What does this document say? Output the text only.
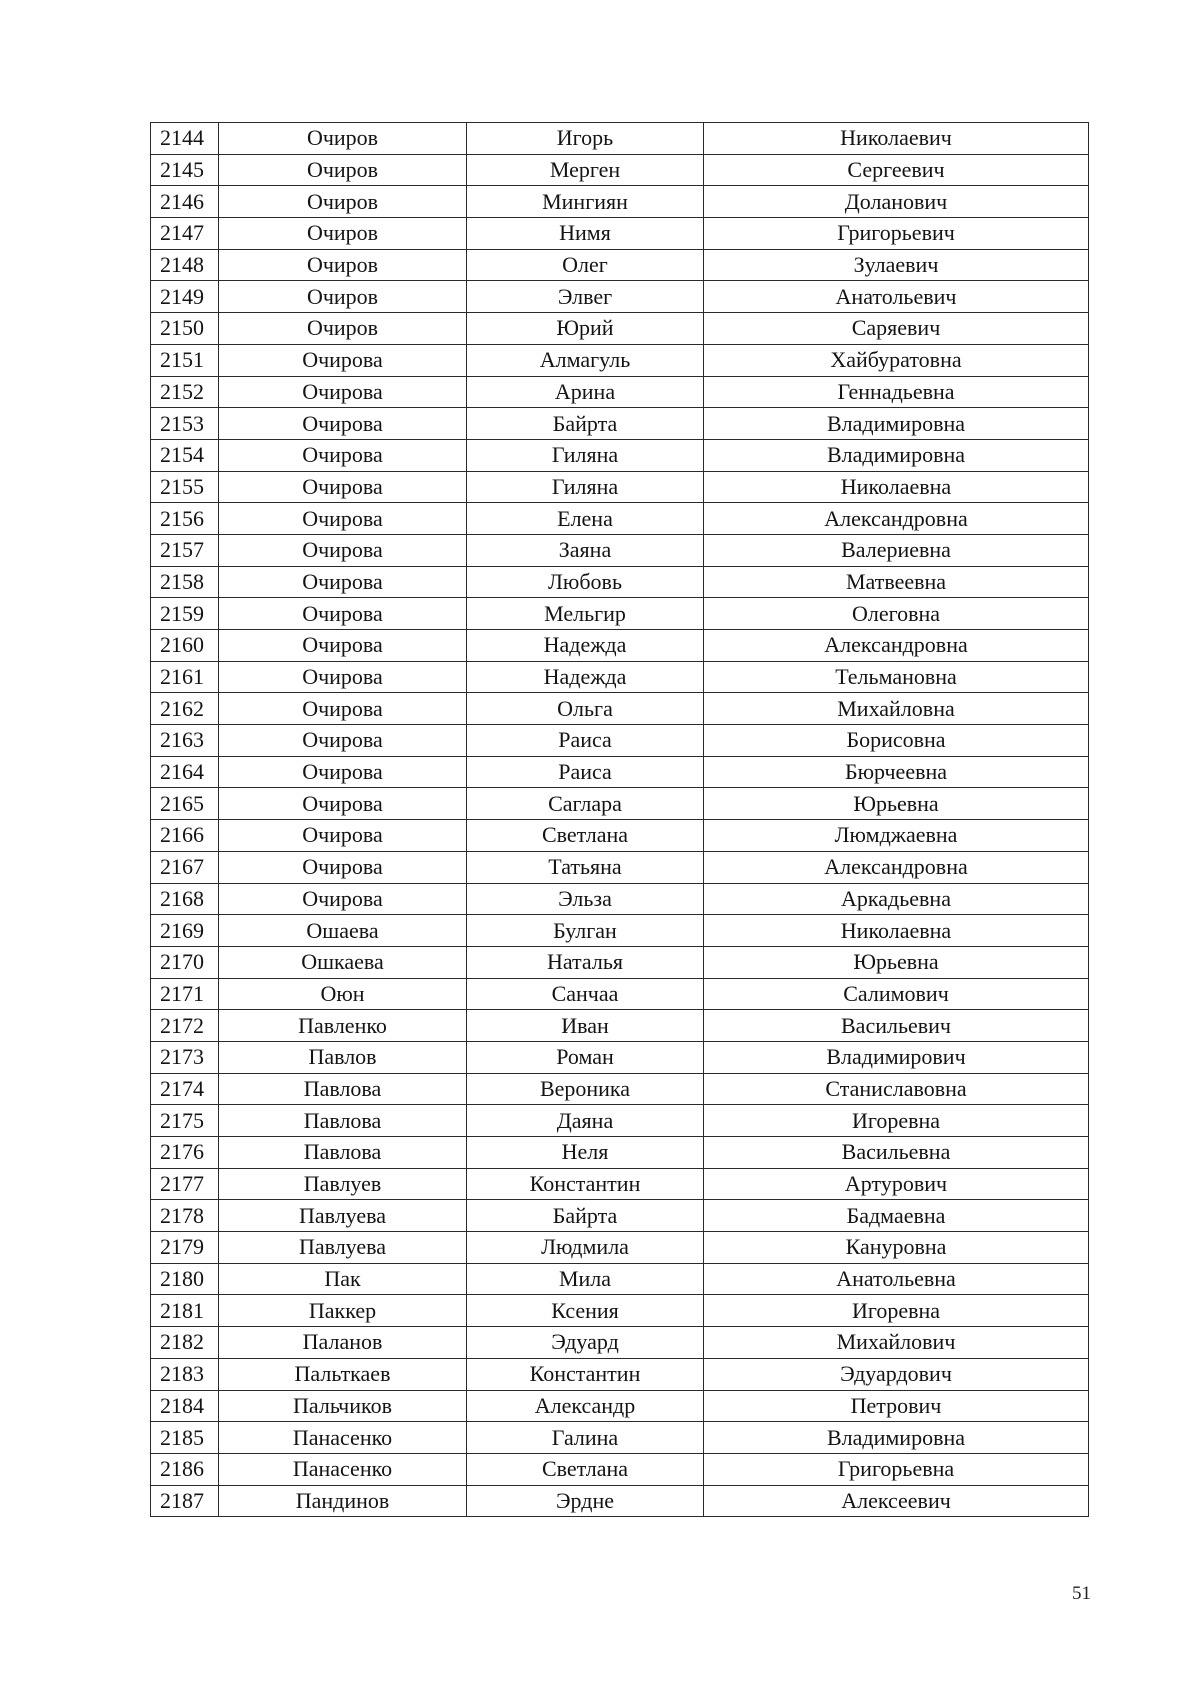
2144	Очиров	Игорь	Николаевич
2145	Очиров	Мерген	Сергеевич
2146	Очиров	Мингиян	Доланович
2147	Очиров	Нимя	Григорьевич
2148	Очиров	Олег	Зулаевич
2149	Очиров	Элвег	Анатольевич
2150	Очиров	Юрий	Саряевич
2151	Очирова	Алмагуль	Хайбуратовна
2152	Очирова	Арина	Геннадьевна
2153	Очирова	Байрта	Владимировна
2154	Очирова	Гиляна	Владимировна
2155	Очирова	Гиляна	Николаевна
2156	Очирова	Елена	Александровна
2157	Очирова	Заяна	Валериевна
2158	Очирова	Любовь	Матвеевна
2159	Очирова	Мельгир	Олеговна
2160	Очирова	Надежда	Александровна
2161	Очирова	Надежда	Тельмановна
2162	Очирова	Ольга	Михайловна
2163	Очирова	Раиса	Борисовна
2164	Очирова	Раиса	Бюрчеевна
2165	Очирова	Саглара	Юрьевна
2166	Очирова	Светлана	Люмджаевна
2167	Очирова	Татьяна	Александровна
2168	Очирова	Эльза	Аркадьевна
2169	Ошаева	Булган	Николаевна
2170	Ошкаева	Наталья	Юрьевна
2171	Оюн	Санчаа	Салимович
2172	Павленко	Иван	Васильевич
2173	Павлов	Роман	Владимирович
2174	Павлова	Вероника	Станиславовна
2175	Павлова	Даяна	Игоревна
2176	Павлова	Неля	Васильевна
2177	Павлуев	Константин	Артурович
2178	Павлуева	Байрта	Бадмаевна
2179	Павлуева	Людмила	Кануровна
2180	Пак	Мила	Анатольевна
2181	Паккер	Ксения	Игоревна
2182	Паланов	Эдуард	Михайлович
2183	Пальткаев	Константин	Эдуардович
2184	Пальчиков	Александр	Петрович
2185	Панасенко	Галина	Владимировна
2186	Панасенко	Светлана	Григорьевна
2187	Пандинов	Эрдне	Алексеевич
51
